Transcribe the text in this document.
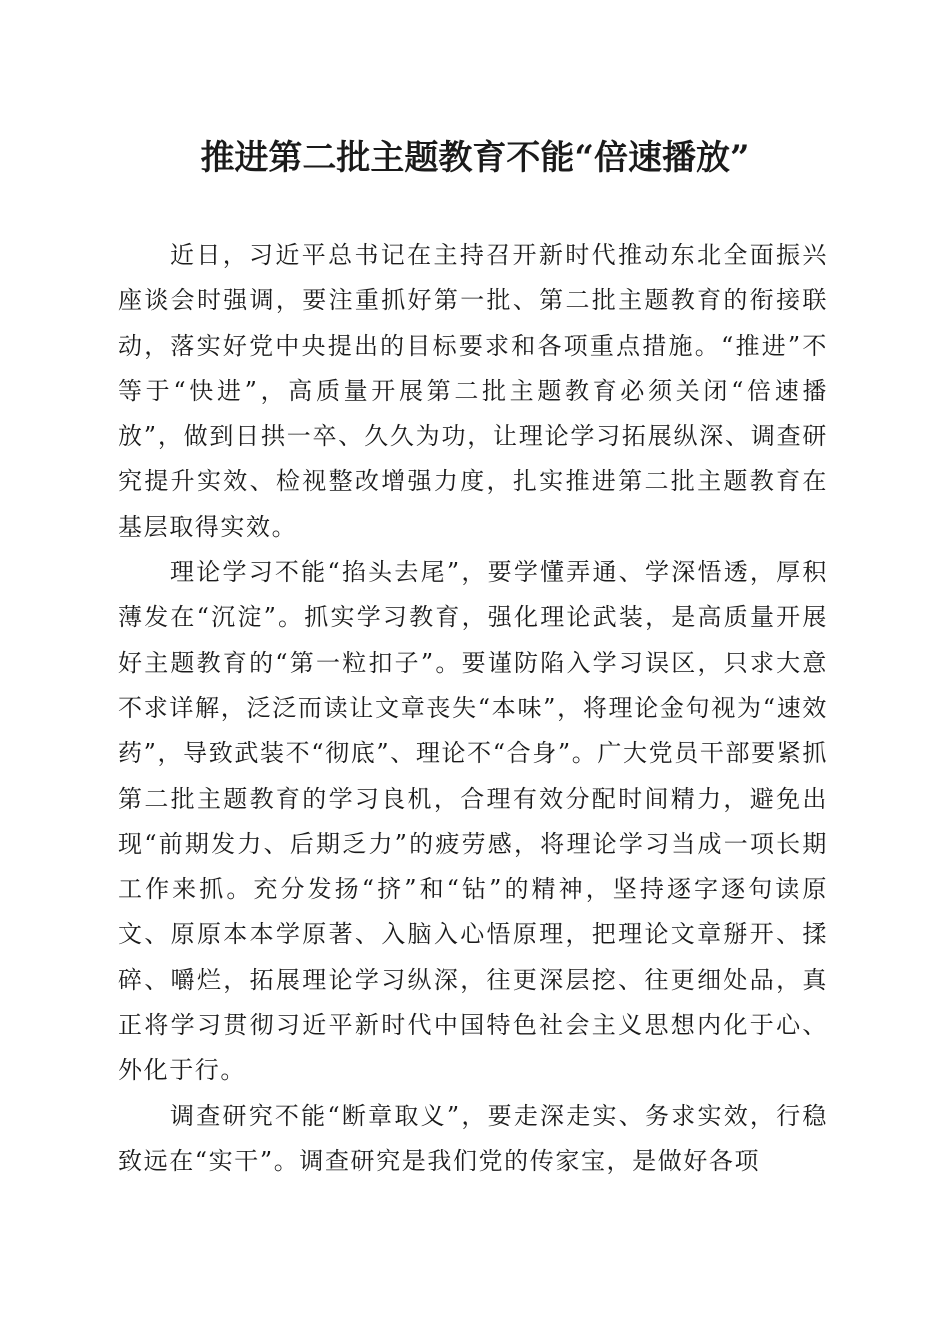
推进第二批主题教育不能“倍速播放”

近日，习近平总书记在主持召开新时代推动东北全面振兴座谈会时强调，要注重抓好第一批、第二批主题教育的衔接联动，落实好党中央提出的目标要求和各项重点措施。“推进”不等于“快进”，高质量开展第二批主题教育必须关闭“倍速播放”，做到日拱一卒、久久为功，让理论学习拓展纵深、调查研究提升实效、检视整改增强力度，扎实推进第二批主题教育在基层取得实效。

理论学习不能“掐头去尾”，要学懂弄通、学深悟透，厚积薄发在“沉淀”。抓实学习教育，强化理论武装，是高质量开展好主题教育的“第一粒扣子”。要谨防陷入学习误区，只求大意不求详解，泛泛而读让文章丧失“本味”，将理论金句视为“速效药”，导致武装不“彻底”、理论不“合身”。广大党员干部要紧抓第二批主题教育的学习良机，合理有效分配时间精力，避免出现“前期发力、后期乏力”的疲劳感，将理论学习当成一项长期工作来抓。充分发扬“挤”和“钻”的精神，坚持逐字逐句读原文、原原本本学原著、入脑入心悟原理，把理论文章掰开、揉碎、嚼烂，拓展理论学习纵深，往更深层挖、往更细处品，真正将学习贯彻习近平新时代中国特色社会主义思想内化于心、外化于行。

调查研究不能“断章取义”，要走深走实、务求实效，行稳致远在“实干”。调查研究是我们党的传家宝，是做好各项
